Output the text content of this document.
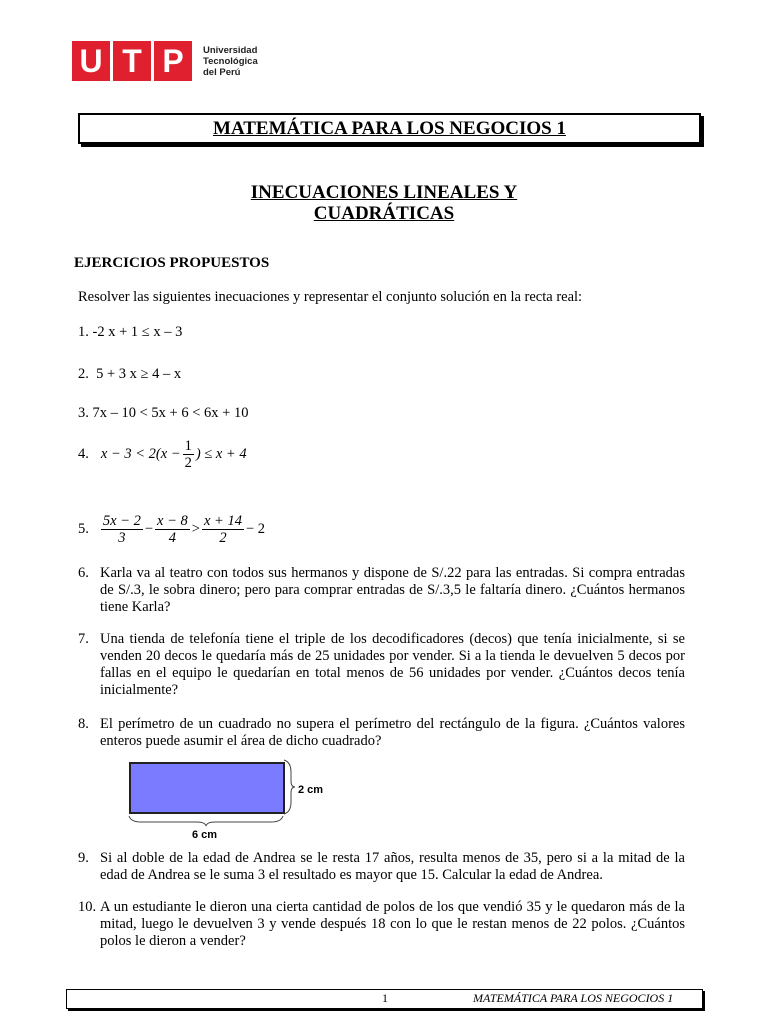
U T P	Universidad
Tecnológica
del Perú
MATEMÁTICA PARA LOS NEGOCIOS 1
INECUACIONES LINEALES Y
CUADRÁTICAS
EJERCICIOS PROPUESTOS
Resolver las siguientes inecuaciones y representar el conjunto solución en la recta real:
1. -2 x + 1 ≤ x – 3
2. 5 + 3 x ≥ 4 – x
3. 7x – 10 < 5x + 6 < 6x + 10
4. $x - 3 < 2(x - \frac{1}{2}$ ) ≤ x + 4
5. $\frac{5x - 2}{3} - \frac{x - 8}{4} > \frac{x + 14}{2} - 2$
6. Karla va al teatro con todos sus hermanos y dispone de S/.22 para las entradas. Si compra entradas de S/.3, le sobra dinero; pero para comprar entradas de S/.3,5 le faltaría dinero. ¿Cuántos hermanos tiene Karla?
7. Una tienda de telefonía tiene el triple de los decodificadores (decos) que tenía inicialmente, si se venden 20 decos le quedaría más de 25 unidades por vender. Si a la tienda le devuelven 5 decos por fallas en el equipo le quedarían en total menos de 56 unidades por vender. ¿Cuántos decos tenía inicialmente?
8. El perímetro de un cuadrado no supera el perímetro del rectángulo de la figura. ¿Cuántos valores enteros puede asumir el área de dicho cuadrado?
2 cm
6 cm
9. Si al doble de la edad de Andrea se le resta 17 años, resulta menos de 35, pero si a la mitad de la edad de Andrea se le suma 3 el resultado es mayor que 15. Calcular la edad de Andrea.
10. A un estudiante le dieron una cierta cantidad de polos de los que vendió 35 y le quedaron más de la mitad, luego le devuelven 3 y vende después 18 con lo que le restan menos de 22 polos. ¿Cuántos polos le dieron a vender?
1	MATEMÁTICA PARA LOS NEGOCIOS 1
